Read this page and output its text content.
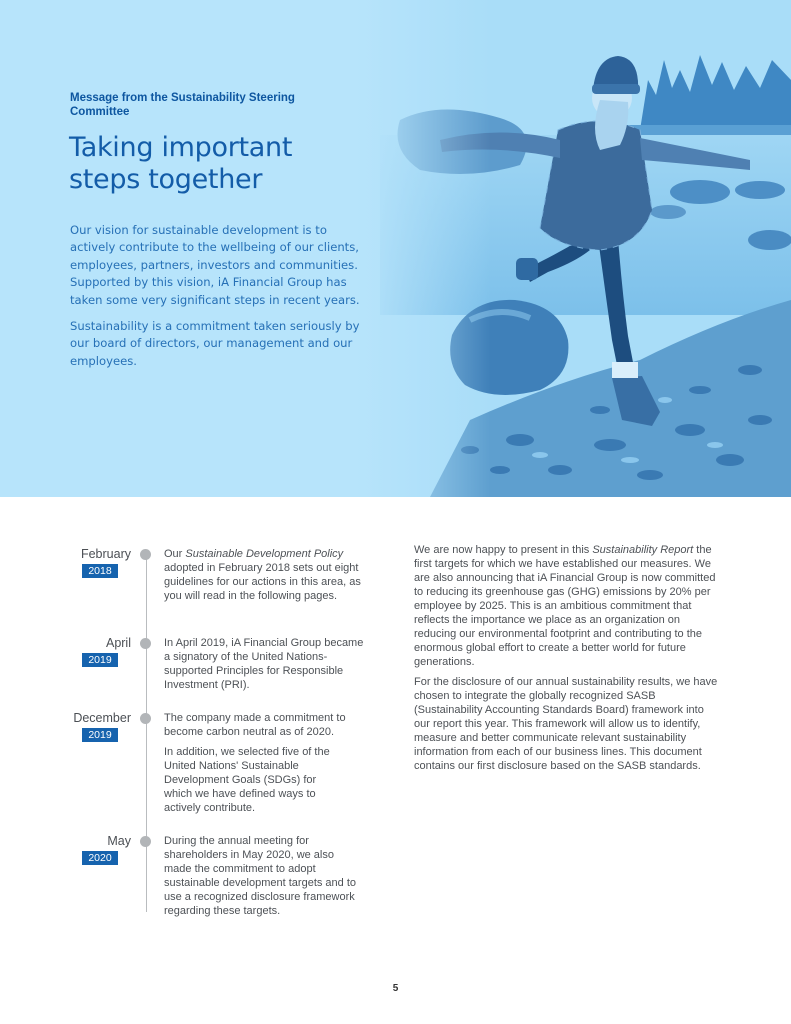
Message from the Sustainability Steering Committee
Taking important steps together

Our vision for sustainable development is to actively contribute to the wellbeing of our clients, employees, partners, investors and communities. Supported by this vision, iA Financial Group has taken some very significant steps in recent years.

Sustainability is a commitment taken seriously by our board of directors, our management and our employees.

February
2018

Our Sustainable Development Policy adopted in February 2018 sets out eight guidelines for our actions in this area, as you will read in the following pages.

April
2019

In April 2019, iA Financial Group became a signatory of the United Nations-supported Principles for Responsible Investment (PRI).

December
2019

The company made a commitment to become carbon neutral as of 2020.

In addition, we selected five of the United Nations' Sustainable Development Goals (SDGs) for which we have defined ways to actively contribute.

May
2020

During the annual meeting for shareholders in May 2020, we also made the commitment to adopt sustainable development targets and to use a recognized disclosure framework regarding these targets.

We are now happy to present in this Sustainability Report the first targets for which we have established our measures. We are also announcing that iA Financial Group is now committed to reducing its greenhouse gas (GHG) emissions by 20% per employee by 2025. This is an ambitious commitment that reflects the importance we place as an organization on reducing our environmental footprint and contributing to the enormous global effort to create a better world for future generations.

For the disclosure of our annual sustainability results, we have chosen to integrate the globally recognized SASB (Sustainability Accounting Standards Board) framework into our report this year. This framework will allow us to identify, measure and better communicate relevant sustainability information from each of our business lines. This document contains our first disclosure based on the SASB standards.

5
